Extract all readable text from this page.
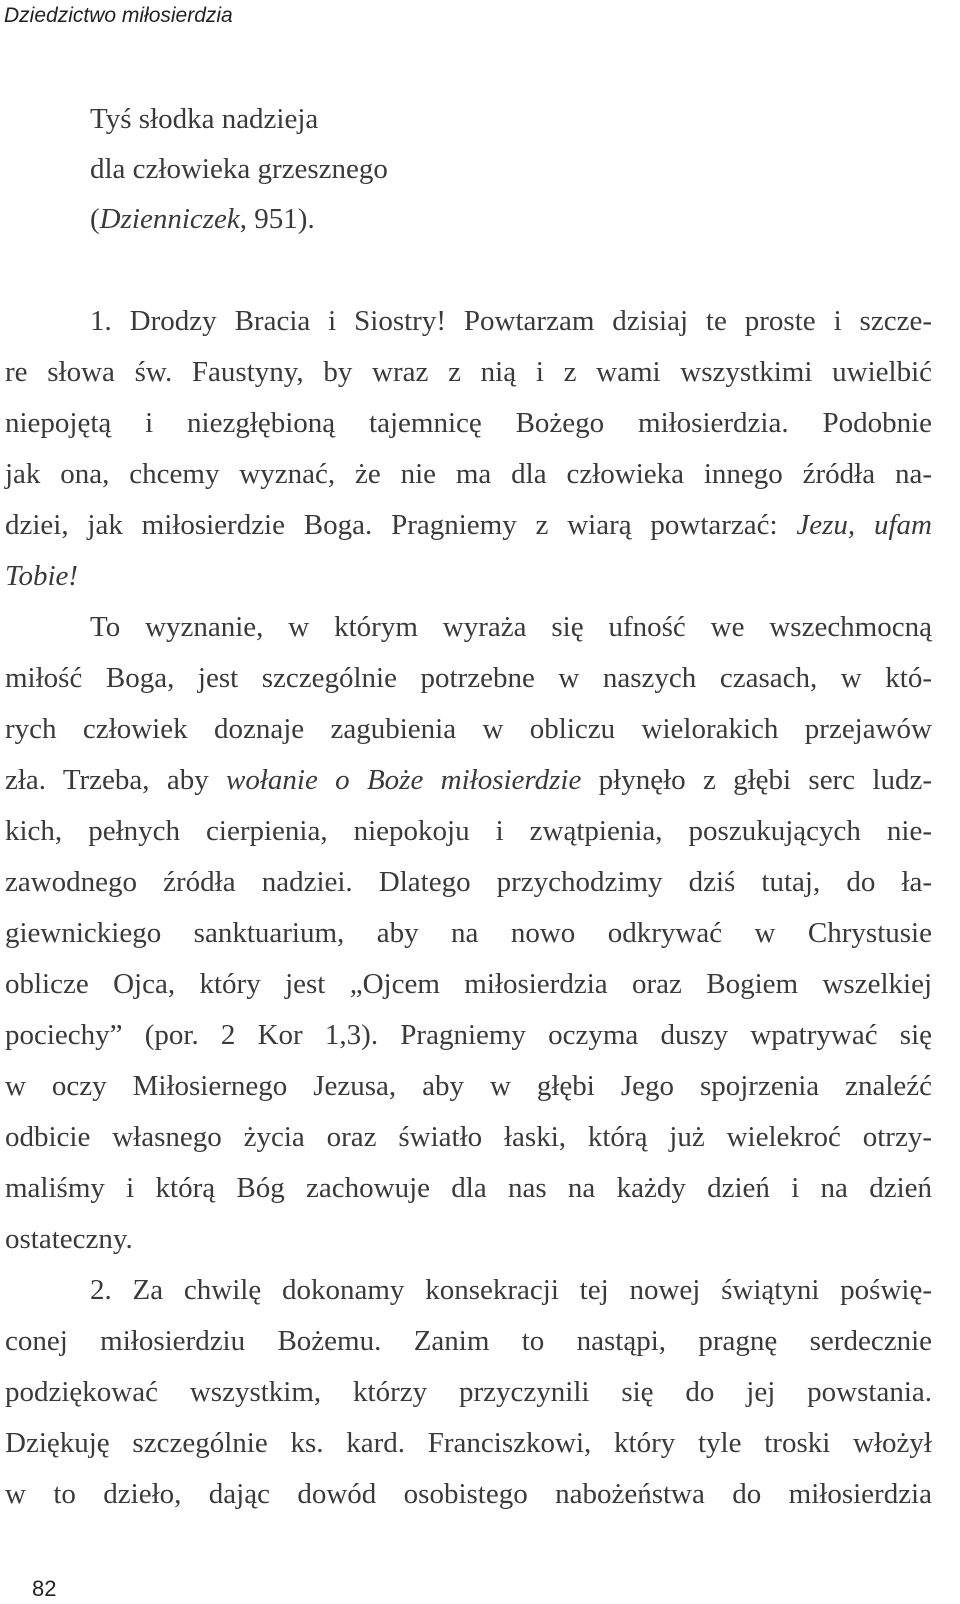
Dziedzictwo miłosierdzia
Tyś słodka nadzieja
dla człowieka grzesznego
(Dzienniczek, 951).
1. Drodzy Bracia i Siostry! Powtarzam dzisiaj te proste i szcze-
re słowa św. Faustyny, by wraz z nią i z wami wszystkimi uwielbić
niepojętą i niezgłębioną tajemnicę Bożego miłosierdzia. Podobnie
jak ona, chcemy wyznać, że nie ma dla człowieka innego źródła na-
dziei, jak miłosierdzie Boga. Pragniemy z wiarą powtarzać: Jezu, ufam
Tobie!
To wyznanie, w którym wyraża się ufność we wszechmocną
miłość Boga, jest szczególnie potrzebne w naszych czasach, w któ-
rych człowiek doznaje zagubienia w obliczu wielorakich przejawów
zła. Trzeba, aby wołanie o Boże miłosierdzie płynęło z głębi serc ludz-
kich, pełnych cierpienia, niepokoju i zwątpienia, poszukujących nie-
zawodnego źródła nadziei. Dlatego przychodzimy dziś tutaj, do ła-
giewnickiego sanktuarium, aby na nowo odkrywać w Chrystusie
oblicze Ojca, który jest „Ojcem miłosierdzia oraz Bogiem wszelkiej
pociechy” (por. 2 Kor 1,3). Pragniemy oczyma duszy wpatrywać się
w oczy Miłosiernego Jezusa, aby w głębi Jego spojrzenia znaleźć
odbicie własnego życia oraz światło łaski, którą już wielekroć otrzy-
maliśmy i którą Bóg zachowuje dla nas na każdy dzień i na dzień
ostateczny.
2. Za chwilę dokonamy konsekracji tej nowej świątyni poświę-
conej miłosierdziu Bożemu. Zanim to nastąpi, pragnę serdecznie
podziękować wszystkim, którzy przyczynili się do jej powstania.
Dziękuję szczególnie ks. kard. Franciszkowi, który tyle troski włożył
w to dzieło, dając dowód osobistego nabożeństwa do miłosierdzia
82
